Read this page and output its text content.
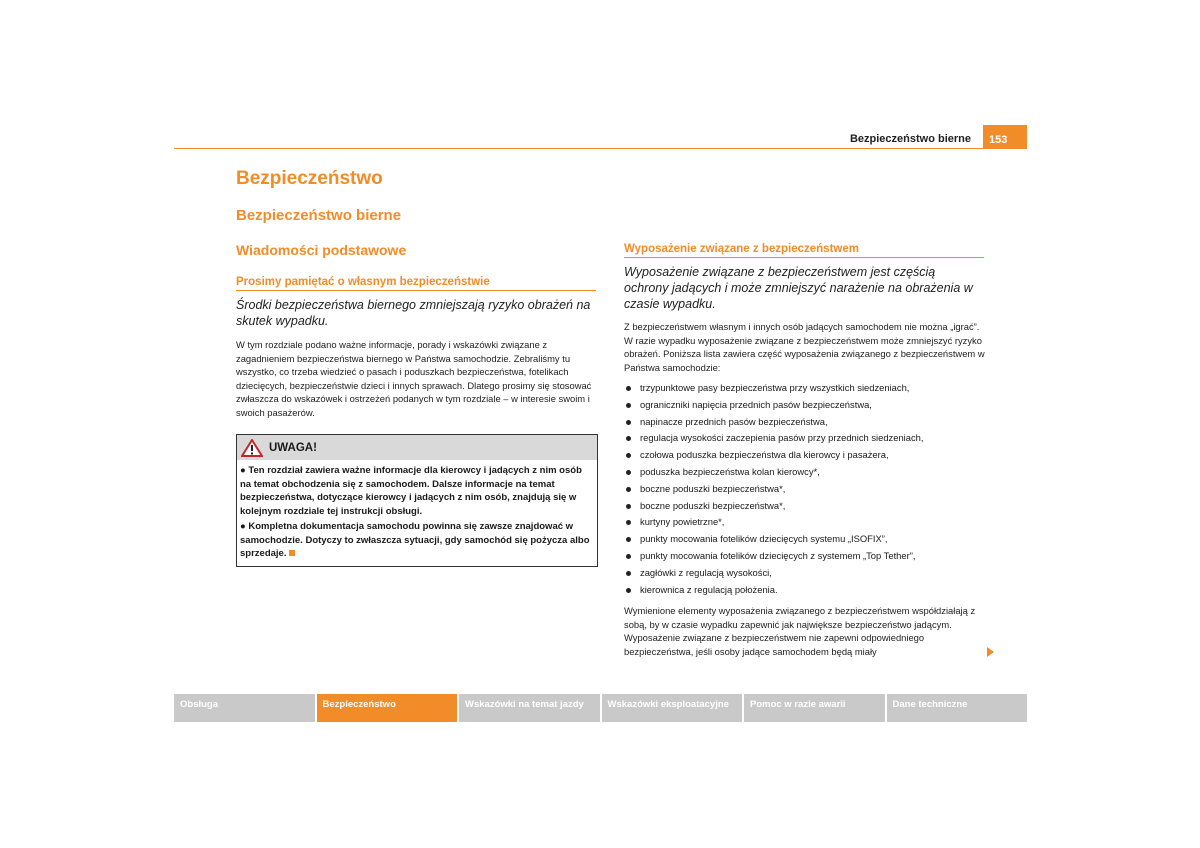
Bezpieczeństwo bierne	153
Bezpieczeństwo
Bezpieczeństwo bierne
Wiadomości podstawowe
Prosimy pamiętać o własnym bezpieczeństwie
Środki bezpieczeństwa biernego zmniejszają ryzyko obrażeń na skutek wypadku.
W tym rozdziale podano ważne informacje, porady i wskazówki związane z zagadnieniem bezpieczeństwa biernego w Państwa samochodzie. Zebraliśmy tu wszystko, co trzeba wiedzieć o pasach i poduszkach bezpieczeństwa, fotelikach dziecięcych, bezpieczeństwie dzieci i innych sprawach. Dlatego prosimy się stosować zwłaszcza do wskazówek i ostrzeżeń podanych w tym rozdziale – w interesie swoim i swoich pasażerów.
UWAGA!

● Ten rozdział zawiera ważne informacje dla kierowcy i jadących z nim osób na temat obchodzenia się z samochodem. Dalsze informacje na temat bezpieczeństwa, dotyczące kierowcy i jadących z nim osób, znajdują się w kolejnym rozdziale tej instrukcji obsługi.

● Kompletna dokumentacja samochodu powinna się zawsze znajdować w samochodzie. Dotyczy to zwłaszcza sytuacji, gdy samochód się pożycza albo sprzedaje.

Wyposażenie związane z bezpieczeństwem
Wyposażenie związane z bezpieczeństwem jest częścią ochrony jadących i może zmniejszyć narażenie na obrażenia w czasie wypadku.
Z bezpieczeństwem własnym i innych osób jadących samochodem nie można „igrać”. W razie wypadku wyposażenie związane z bezpieczeństwem może zmniejszyć ryzyko obrażeń. Poniższa lista zawiera część wyposażenia związanego z bezpieczeństwem w Państwa samochodzie:
trzypunktowe pasy bezpieczeństwa przy wszystkich siedzeniach,
ograniczniki napięcia przednich pasów bezpieczeństwa,
napinacze przednich pasów bezpieczeństwa,
regulacja wysokości zaczepienia pasów przy przednich siedzeniach,
czołowa poduszka bezpieczeństwa dla kierowcy i pasażera,
poduszka bezpieczeństwa kolan kierowcy*,
boczne poduszki bezpieczeństwa*,
boczne poduszki bezpieczeństwa*,
kurtyny powietrzne*,
punkty mocowania fotelików dziecięcych systemu „ISOFIX”,
punkty mocowania fotelików dziecięcych z systemem „Top Tether”,
zagłówki z regulacją wysokości,
kierownica z regulacją położenia.
Wymienione elementy wyposażenia związanego z bezpieczeństwem współdziałają z sobą, by w czasie wypadku zapewnić jak największe bezpieczeństwo jadącym. Wyposażenie związane z bezpieczeństwem nie zapewni odpowiedniego bezpieczeństwa, jeśli osoby jadące samochodem będą miały
Obsługa	Bezpieczeństwo	Wskazówki na temat jazdy	Wskazówki eksploatacyjne	Pomoc w razie awarii	Dane techniczne
